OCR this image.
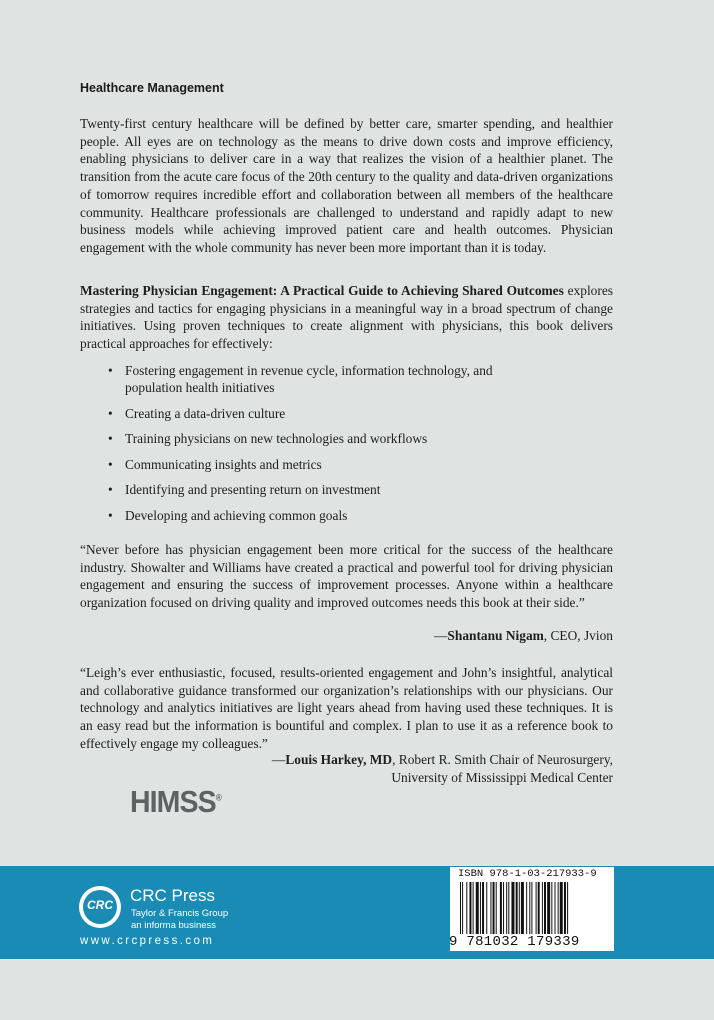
Healthcare Management

Twenty-first century healthcare will be defined by better care, smarter spending, and healthier people. All eyes are on technology as the means to drive down costs and improve efficiency, enabling physicians to deliver care in a way that realizes the vision of a healthier planet. The transition from the acute care focus of the 20th century to the quality and data-driven organizations of tomorrow requires incredible effort and collaboration between all members of the healthcare community. Healthcare professionals are challenged to understand and rapidly adapt to new business models while achieving improved patient care and health outcomes. Physician engagement with the whole community has never been more important than it is today.

Mastering Physician Engagement: A Practical Guide to Achieving Shared Outcomes explores strategies and tactics for engaging physicians in a meaningful way in a broad spectrum of change initiatives. Using proven techniques to create alignment with physicians, this book delivers practical approaches for effectively:

• Fostering engagement in revenue cycle, information technology, and population health initiatives
• Creating a data-driven culture
• Training physicians on new technologies and workflows
• Communicating insights and metrics
• Identifying and presenting return on investment
• Developing and achieving common goals

“Never before has physician engagement been more critical for the success of the healthcare industry. Showalter and Williams have created a practical and powerful tool for driving physician engagement and ensuring the success of improvement processes. Anyone within a healthcare organization focused on driving quality and improved outcomes needs this book at their side.”

—Shantanu Nigam, CEO, Jvion

“Leigh’s ever enthusiastic, focused, results-oriented engagement and John’s insightful, analytical and collaborative guidance transformed our organization’s relationships with our physicians. Our technology and analytics initiatives are light years ahead from having used these techniques. It is an easy read but the information is bountiful and complex. I plan to use it as a reference book to effectively engage my colleagues.”

—Louis Harkey, MD, Robert R. Smith Chair of Neurosurgery,
University of Mississippi Medical Center
HIMSS®
CRC	CRC Press
Taylor & Francis Group
an informa business
www.crcpress.com
ISBN 978-1-03-217933-9
9 781032 179339
